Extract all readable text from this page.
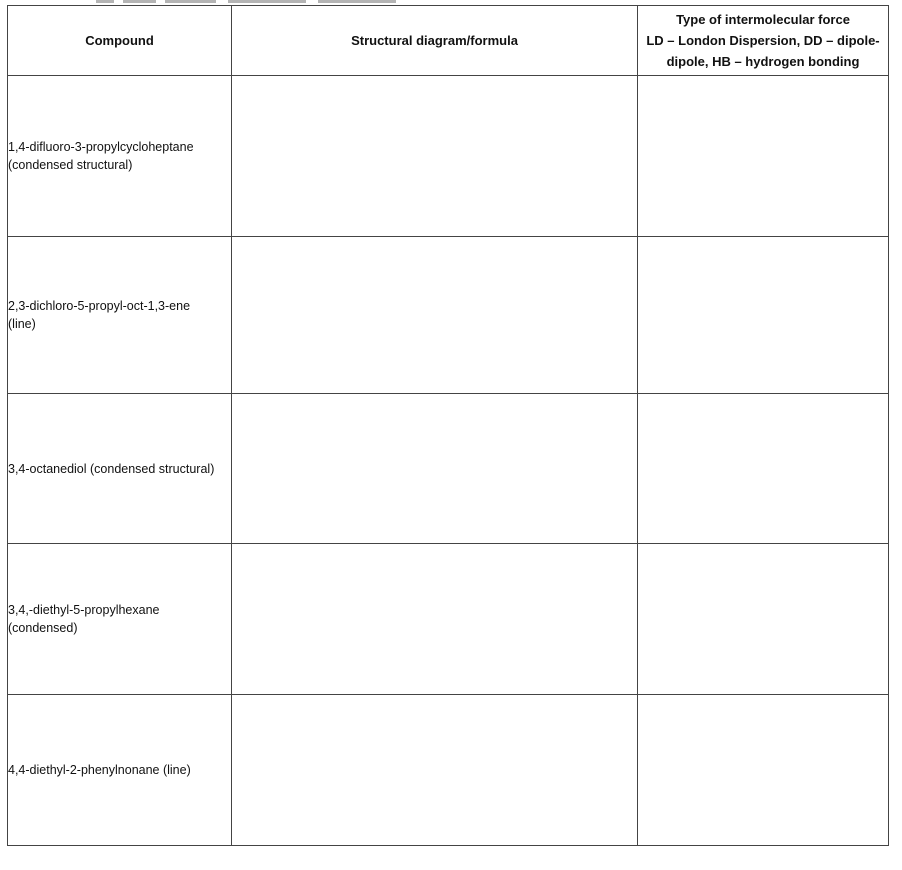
Compound	Structural diagram/formula	Type of intermolecular force
LD – London Dispersion, DD – dipole-
dipole, HB – hydrogen bonding

1,4-difluoro-3-propylcycloheptane
(condensed structural)		

2,3-dichloro-5-propyl-oct-1,3-ene
(line)		

3,4-octanediol (condensed structural)		

3,4,-diethyl-5-propylhexane
(condensed)		

4,4-diethyl-2-phenylnonane (line)		
